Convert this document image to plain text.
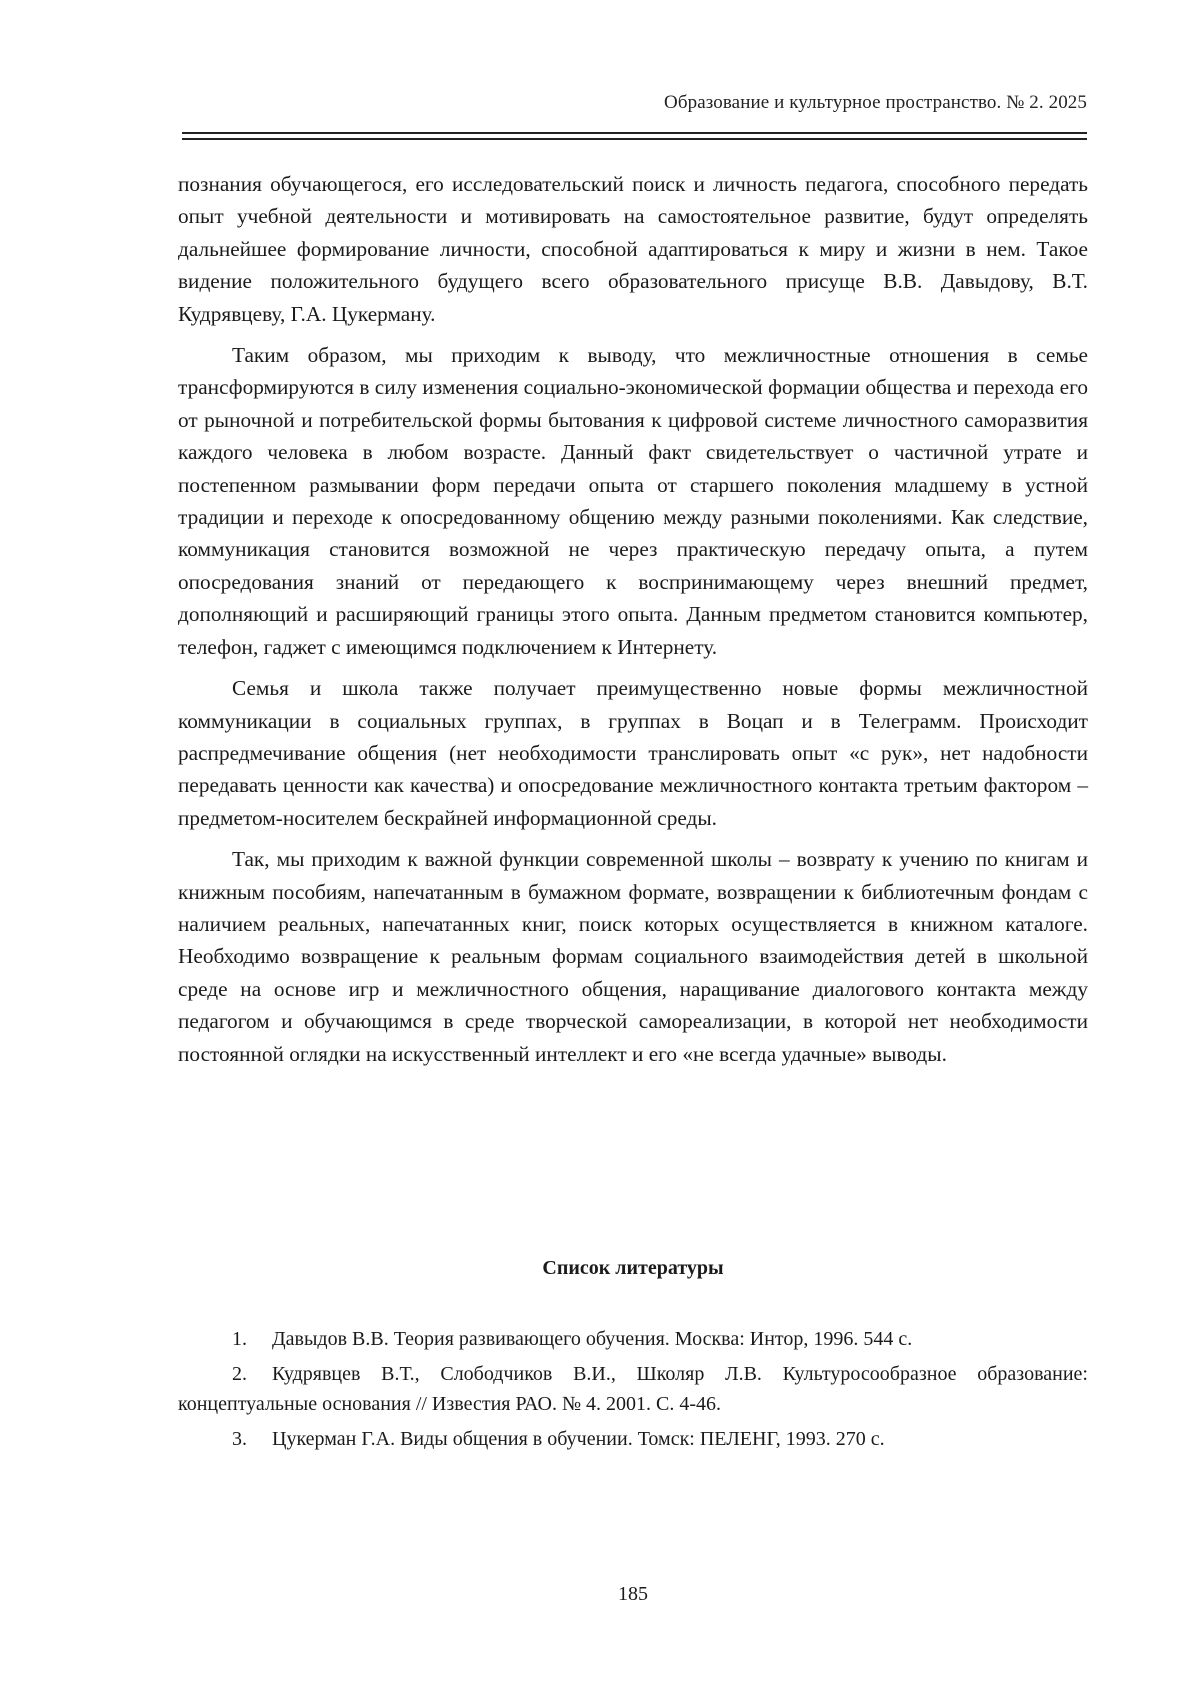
Образование и культурное пространство. № 2. 2025

познания обучающегося, его исследовательский поиск и личность педагога, способного передать опыт учебной деятельности и мотивировать на самостоятельное развитие, будут определять дальнейшее формирование личности, способной адаптироваться к миру и жизни в нем. Такое видение положительного будущего всего образовательного присуще В.В. Давыдову, В.Т. Кудрявцеву, Г.А. Цукерману.

Таким образом, мы приходим к выводу, что межличностные отношения в семье трансформируются в силу изменения социально-экономической формации общества и перехода его от рыночной и потребительской формы бытования к цифровой системе личностного саморазвития каждого человека в любом возрасте. Данный факт свидетельствует о частичной утрате и постепенном размывании форм передачи опыта от старшего поколения младшему в устной традиции и переходе к опосредованному общению между разными поколениями. Как следствие, коммуникация становится возможной не через практическую передачу опыта, а путем опосредования знаний от передающего к воспринимающему через внешний предмет, дополняющий и расширяющий границы этого опыта. Данным предметом становится компьютер, телефон, гаджет с имеющимся подключением к Интернету.

Семья и школа также получает преимущественно новые формы межличностной коммуникации в социальных группах, в группах в Воцап и в Телеграмм. Происходит распредмечивание общения (нет необходимости транслировать опыт «с рук», нет надобности передавать ценности как качества) и опосредование межличностного контакта третьим фактором – предметом-носителем бескрайней информационной среды.

Так, мы приходим к важной функции современной школы – возврату к учению по книгам и книжным пособиям, напечатанным в бумажном формате, возвращении к библиотечным фондам с наличием реальных, напечатанных книг, поиск которых осуществляется в книжном каталоге. Необходимо возвращение к реальным формам социального взаимодействия детей в школьной среде на основе игр и межличностного общения, наращивание диалогового контакта между педагогом и обучающимся в среде творческой самореализации, в которой нет необходимости постоянной оглядки на искусственный интеллект и его «не всегда удачные» выводы.

Список литературы
1. Давыдов В.В. Теория развивающего обучения. Москва: Интор, 1996. 544 с.
2. Кудрявцев В.Т., Слободчиков В.И., Школяр Л.В. Культуросообразное образование: концептуальные основания // Известия РАО. № 4. 2001. С. 4-46.
3. Цукерман Г.А. Виды общения в обучении. Томск: ПЕЛЕНГ, 1993. 270 с.
185
